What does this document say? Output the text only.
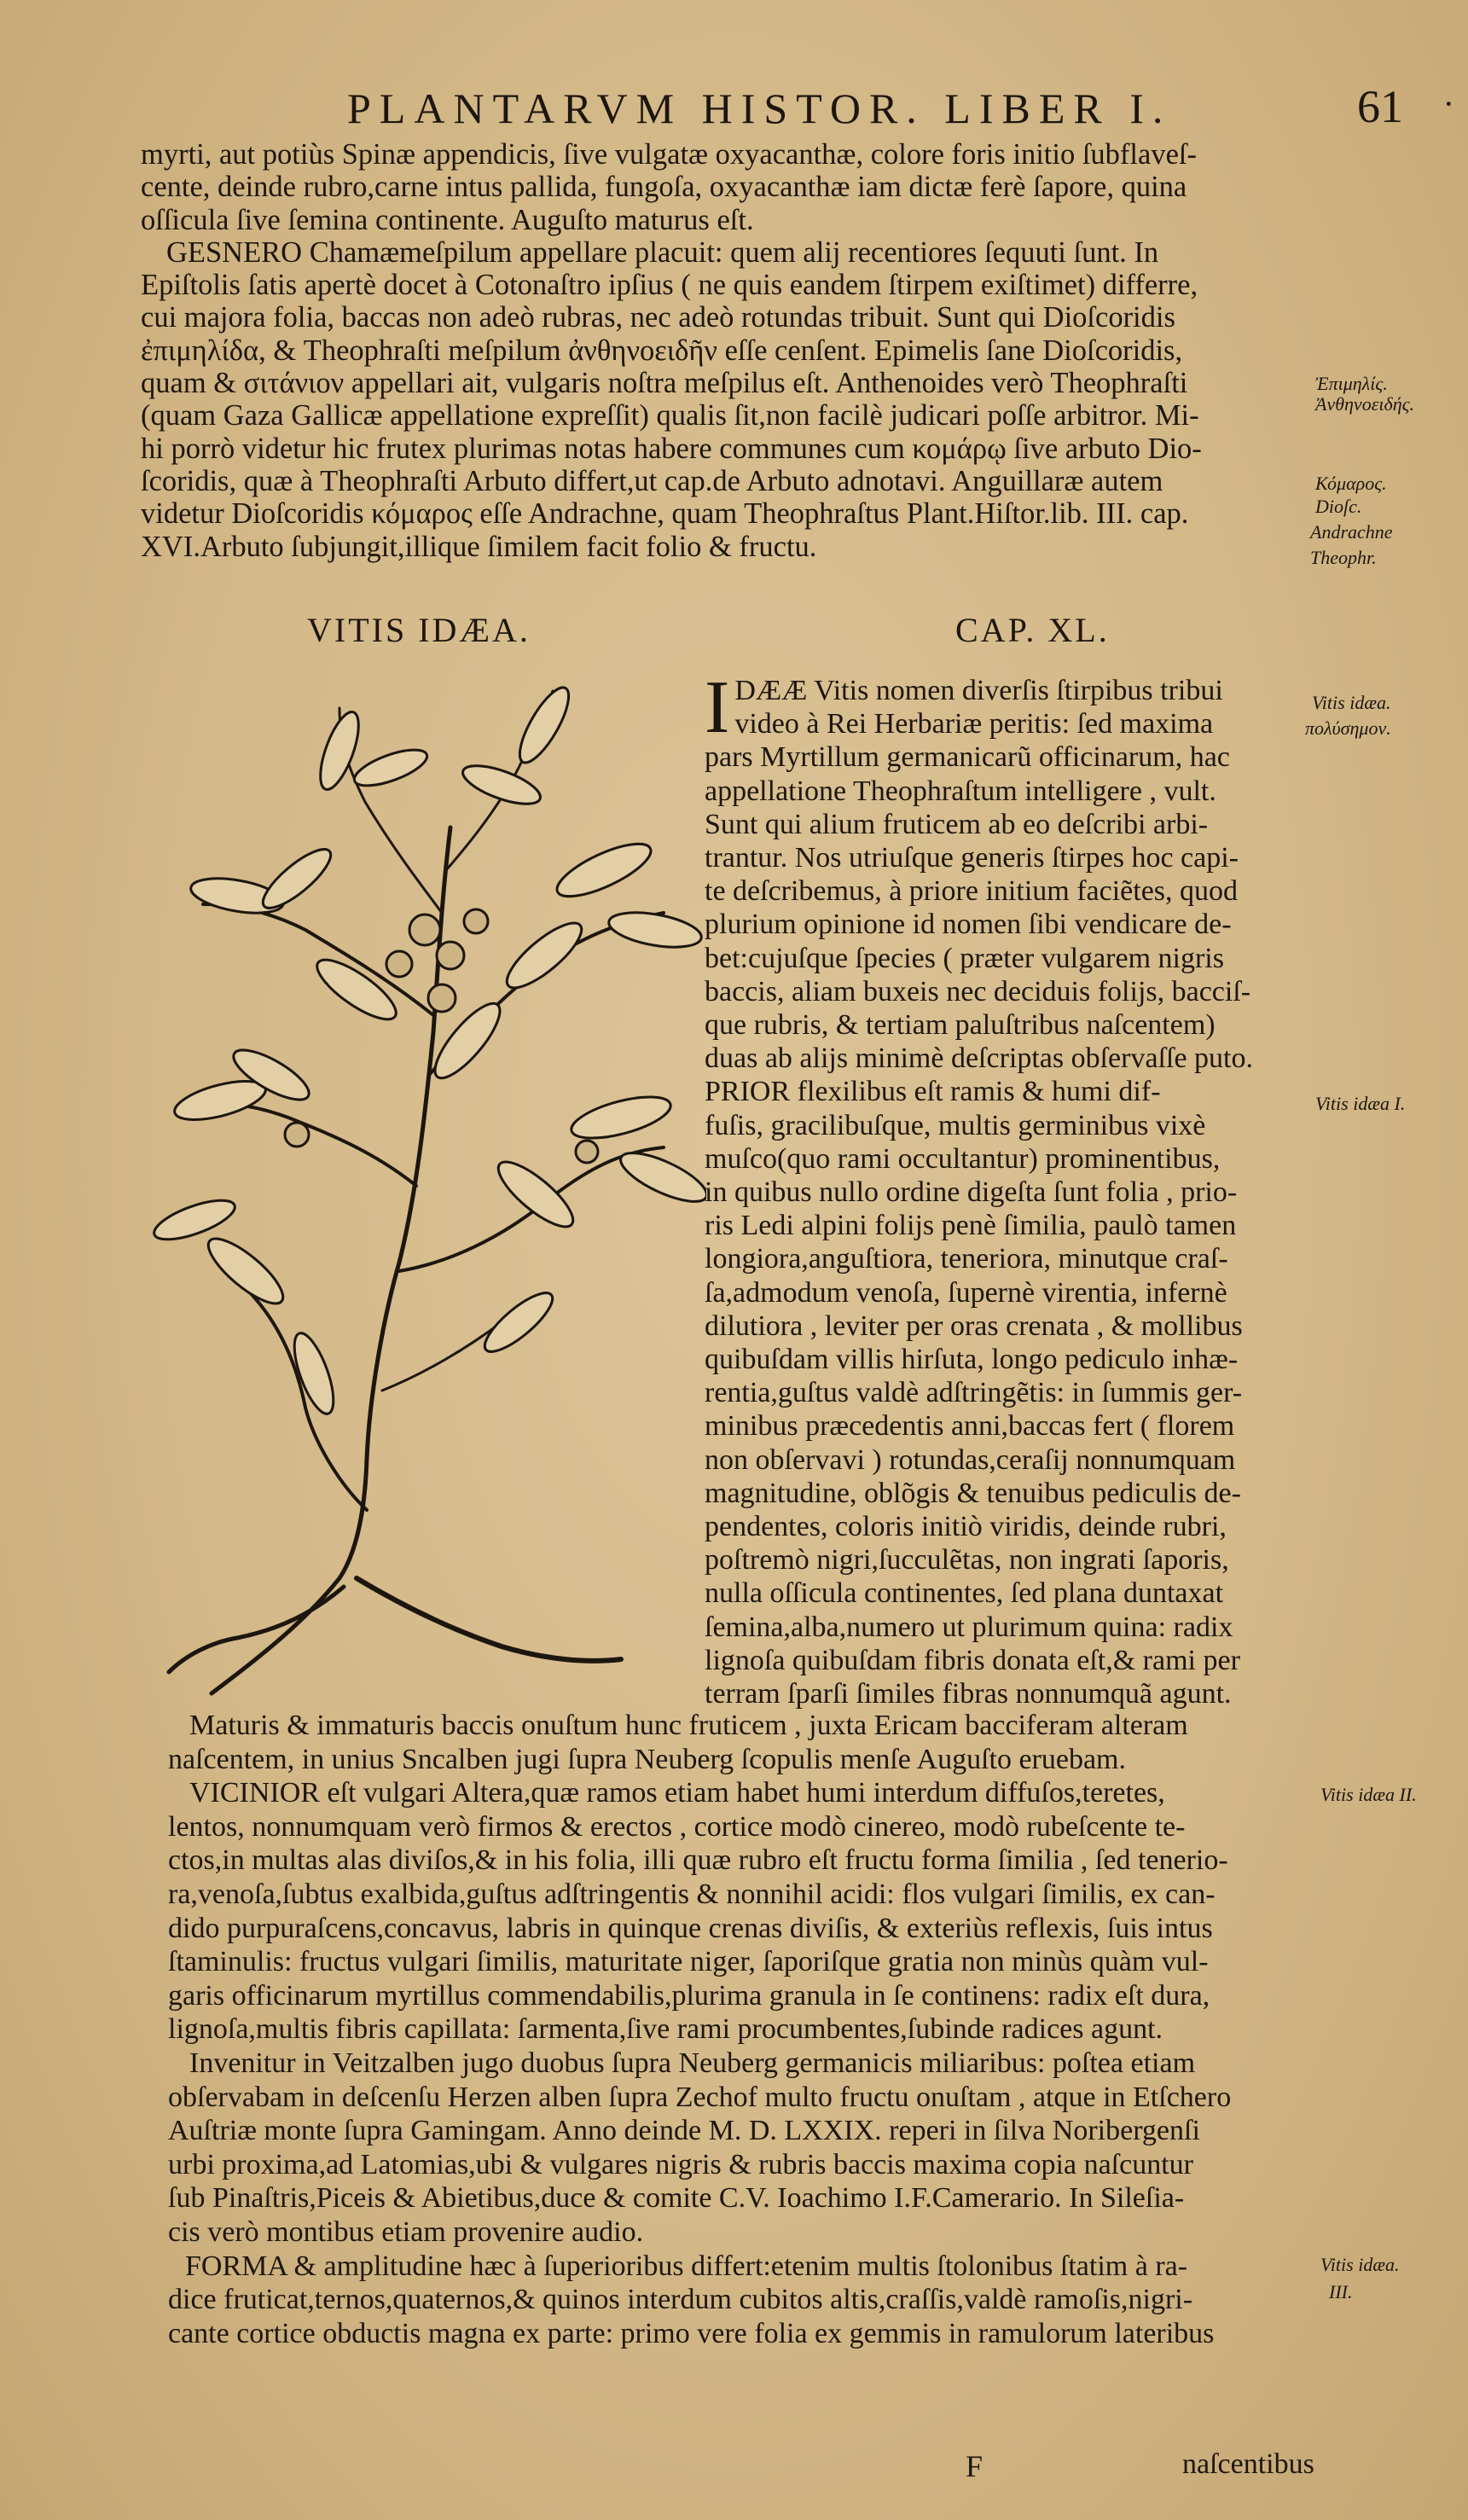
PLANTARVM HISTOR. LIBER I.	61 ·
myrti, aut potiùs Spinæ appendicis, ſive vulgatæ oxyacanthæ, colore foris initio ſubflaveſ-
cente, deinde rubro,carne intus pallida, fungoſa, oxyacanthæ iam dictæ ferè ſapore, quina
oſſicula ſive ſemina continente. Auguſto maturus eſt.
GESNERO Chamæmeſpilum appellare placuit: quem alij recentiores ſequuti ſunt. In
Epiſtolis ſatis apertè docet à Cotonaſtro ipſius ( ne quis eandem ſtirpem exiſtimet) differre,
cui majora folia, baccas non adeò rubras, nec adeò rotundas tribuit. Sunt qui Dioſcoridis
ἐπιμηλίδα, & Theophraſti meſpilum ἀνθηνοειδῆν eſſe cenſent. Epimelis ſane Dioſcoridis,
quam & σιτάνιον appellari ait, vulgaris noſtra meſpilus eſt. Anthenoides verò Theophraſti
(quam Gaza Gallicæ appellatione expreſſit) qualis ſit,non facilè judicari poſſe arbitror. Mi-
hi porrò videtur hic frutex plurimas notas habere communes cum κομάρῳ ſive arbuto Dio-
ſcoridis, quæ à Theophraſti Arbuto differt,ut cap.de Arbuto adnotavi. Anguillaræ autem
videtur Dioſcoridis κόμαρος eſſe Andrachne, quam Theophraſtus Plant.Hiſtor.lib. III. cap.
XVI.Arbuto ſubjungit,illique ſimilem facit folio & fructu.
Ἐπιμηλίς.
Ἀνθηνοειδής.
Κόμαρος.
Dioſc.
Andrachne
Theophr.
VITIS IDÆA.	CAP. XL.
I DÆÆ Vitis nomen diverſis ſtirpibus tribui
video à Rei Herbariæ peritis: ſed maxima
pars Myrtillum germanicarũ officinarum, hac
appellatione Theophraſtum intelligere , vult.
Sunt qui alium fruticem ab eo deſcribi arbi-
trantur. Nos utriuſque generis ſtirpes hoc capi-
te deſcribemus, à priore initium faciẽtes, quod
plurium opinione id nomen ſibi vendicare de-
bet:cujuſque ſpecies ( præter vulgarem nigris
baccis, aliam buxeis nec deciduis folijs, bacciſ-
que rubris, & tertiam paluſtribus naſcentem)
duas ab alijs minimè deſcriptas obſervaſſe puto.
PRIOR flexilibus eſt ramis & humi dif-
fuſis, gracilibuſque, multis germinibus vixè
muſco(quo rami occultantur) prominentibus,
in quibus nullo ordine digeſta ſunt folia , prio-
ris Ledi alpini folijs penè ſimilia, paulò tamen
longiora,anguſtiora, teneriora, minutque craſ-
ſa,admodum venoſa, ſupernè virentia, infernè
dilutiora , leviter per oras crenata , & mollibus
quibuſdam villis hirſuta, longo pediculo inhæ-
rentia,guſtus valdè adſtringẽtis: in ſummis ger-
minibus præcedentis anni,baccas fert ( florem
non obſervavi ) rotundas,ceraſij nonnumquam
magnitudine, oblõgis & tenuibus pediculis de-
pendentes, coloris initiò viridis, deinde rubri,
poſtremò nigri,ſucculẽtas, non ingrati ſaporis,
nulla oſſicula continentes, ſed plana duntaxat
ſemina,alba,numero ut plurimum quina: radix
lignoſa quibuſdam fibris donata eſt,& rami per
terram ſparſi ſimiles fibras nonnumquã agunt.
Vitis idæa.
πολύσημον.
Vitis idæa I.
Maturis & immaturis baccis onuſtum hunc fruticem , juxta Ericam bacciferam alteram
naſcentem, in unius Sncalben jugi ſupra Neuberg ſcopulis menſe Auguſto eruebam.
VICINIOR eſt vulgari Altera,quæ ramos etiam habet humi interdum diffuſos,teretes,
lentos, nonnumquam verò firmos & erectos , cortice modò cinereo, modò rubeſcente te-
ctos,in multas alas diviſos,& in his folia, illi quæ rubro eſt fructu forma ſimilia , ſed tenerio-
ra,venoſa,ſubtus exalbida,guſtus adſtringentis & nonnihil acidi: flos vulgari ſimilis, ex can-
dido purpuraſcens,concavus, labris in quinque crenas diviſis, & exteriùs reflexis, ſuis intus
ſtaminulis: fructus vulgari ſimilis, maturitate niger, ſaporiſque gratia non minùs quàm vul-
garis officinarum myrtillus commendabilis,plurima granula in ſe continens: radix eſt dura,
lignoſa,multis fibris capillata: ſarmenta,ſive rami procumbentes,ſubinde radices agunt.
Invenitur in Veitzalben jugo duobus ſupra Neuberg germanicis miliaribus: poſtea etiam
obſervabam in deſcenſu Herzen alben ſupra Zechof multo fructu onuſtam , atque in Etſchero
Auſtriæ monte ſupra Gamingam. Anno deinde M. D. LXXIX. reperi in ſilva Noribergenſi
urbi proxima,ad Latomias,ubi & vulgares nigris & rubris baccis maxima copia naſcuntur
ſub Pinaſtris,Piceis & Abietibus,duce & comite C.V. Ioachimo I.F.Camerario. In Sileſia-
cis verò montibus etiam provenire audio.
FORMA & amplitudine hæc à ſuperioribus differt:etenim multis ſtolonibus ſtatim à ra-
dice fruticat,ternos,quaternos,& quinos interdum cubitos altis,craſſis,valdè ramoſis,nigri-
cante cortice obductis magna ex parte: primo vere folia ex gemmis in ramulorum lateribus
Vitis idæa II.
Vitis idæa.
III.
F	naſcentibus
